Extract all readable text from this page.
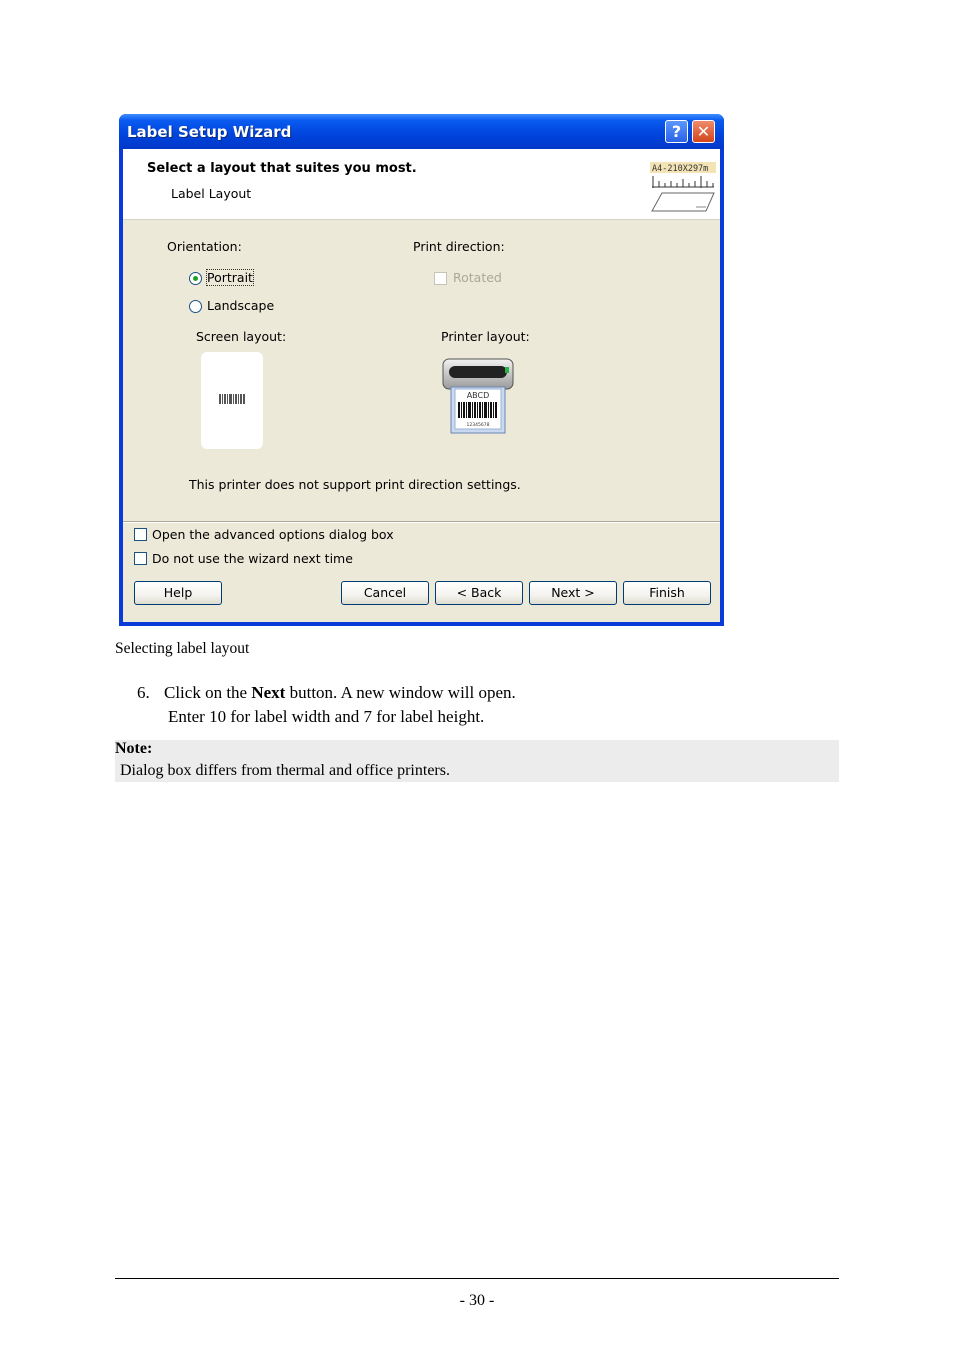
Label Setup Wizard	? ✕
Select a layout that suites you most.
Label Layout
A4-210X297m
Orientation:	Print direction:
Portrait
Landscape
Rotated
Screen layout:	Printer layout:
ABCD
12345678
This printer does not support print direction settings.
Open the advanced options dialog box
Do not use the wizard next time
Help	Cancel	< Back	Next >	Finish
Selecting label layout
6. Click on the Next button. A new window will open.
Enter 10 for label width and 7 for label height.
Note:
Dialog box differs from thermal and office printers.
- 30 -
